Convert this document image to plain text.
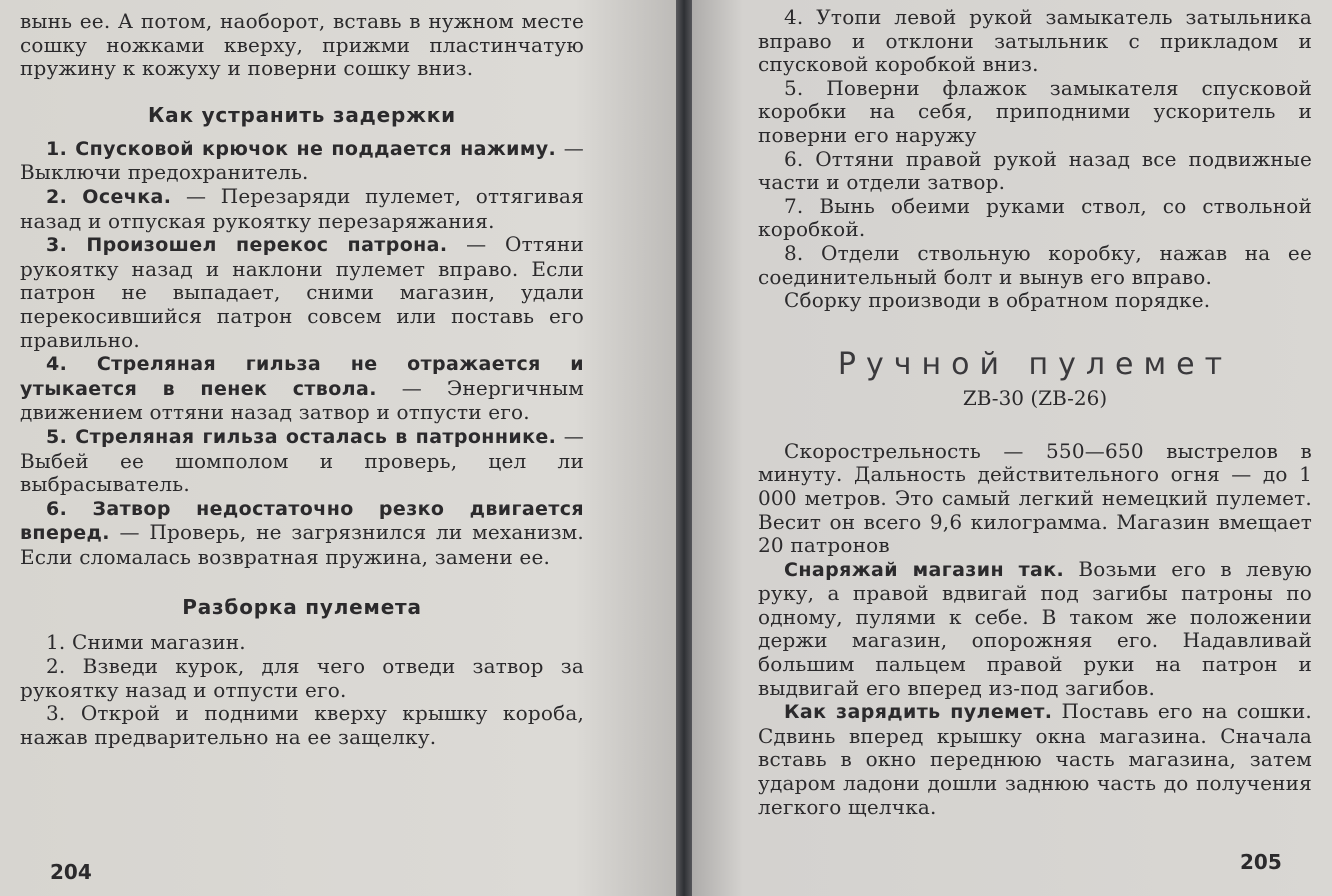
вынь ее. А потом, наоборот, вставь в нужном месте сошку ножками кверху, прижми пластинчатую пружину к кожуху и поверни сошку вниз.

Как устранить задержки

1. Спусковой крючок не поддается нажиму. — Выключи предохранитель.

2. Осечка. — Перезаряди пулемет, оттягивая назад и отпуская рукоятку перезаряжания.

3. Произошел перекос патрона. — Оттяни рукоятку назад и наклони пулемет вправо. Если патрон не выпадает, сними магазин, удали перекосившийся патрон совсем или поставь его правильно.

4. Стреляная гильза не отражается и утыкается в пенек ствола. — Энергичным движением оттяни назад затвор и отпусти его.

5. Стреляная гильза осталась в патроннике. — Выбей ее шомполом и проверь, цел ли выбрасыватель.

6. Затвор недостаточно резко двигается вперед. — Проверь, не загрязнился ли механизм. Если сломалась возвратная пружина, замени ее.

Разборка пулемета

1. Сними магазин.

2. Взведи курок, для чего отведи затвор за рукоятку назад и отпусти его.

3. Открой и подними кверху крышку короба, нажав предварительно на ее защелку.

204

4. Утопи левой рукой замыкатель затыльника вправо и отклони затыльник с прикладом и спусковой коробкой вниз.

5. Поверни флажок замыкателя спусковой коробки на себя, приподними ускоритель и поверни его наружу

6. Оттяни правой рукой назад все подвижные части и отдели затвор.

7. Вынь обеими руками ствол, со ствольной коробкой.

8. Отдели ствольную коробку, нажав на ее соединительный болт и вынув его вправо.

Сборку производи в обратном порядке.

Ручной пулемет

ZB-30 (ZB-26)

Скорострельность — 550—650 выстрелов в минуту. Дальность действительного огня — до 1 000 метров. Это самый легкий немецкий пулемет. Весит он всего 9,6 килограмма. Магазин вмещает 20 патронов

Снаряжай магазин так. Возьми его в левую руку, а правой вдвигай под загибы патроны по одному, пулями к себе. В таком же положении держи магазин, опорожняя его. Надавливай большим пальцем правой руки на патрон и выдвигай его вперед из-под загибов.

Как зарядить пулемет. Поставь его на сошки. Сдвинь вперед крышку окна магазина. Сначала вставь в окно переднюю часть магазина, затем ударом ладони дошли заднюю часть до получения легкого щелчка.

205
